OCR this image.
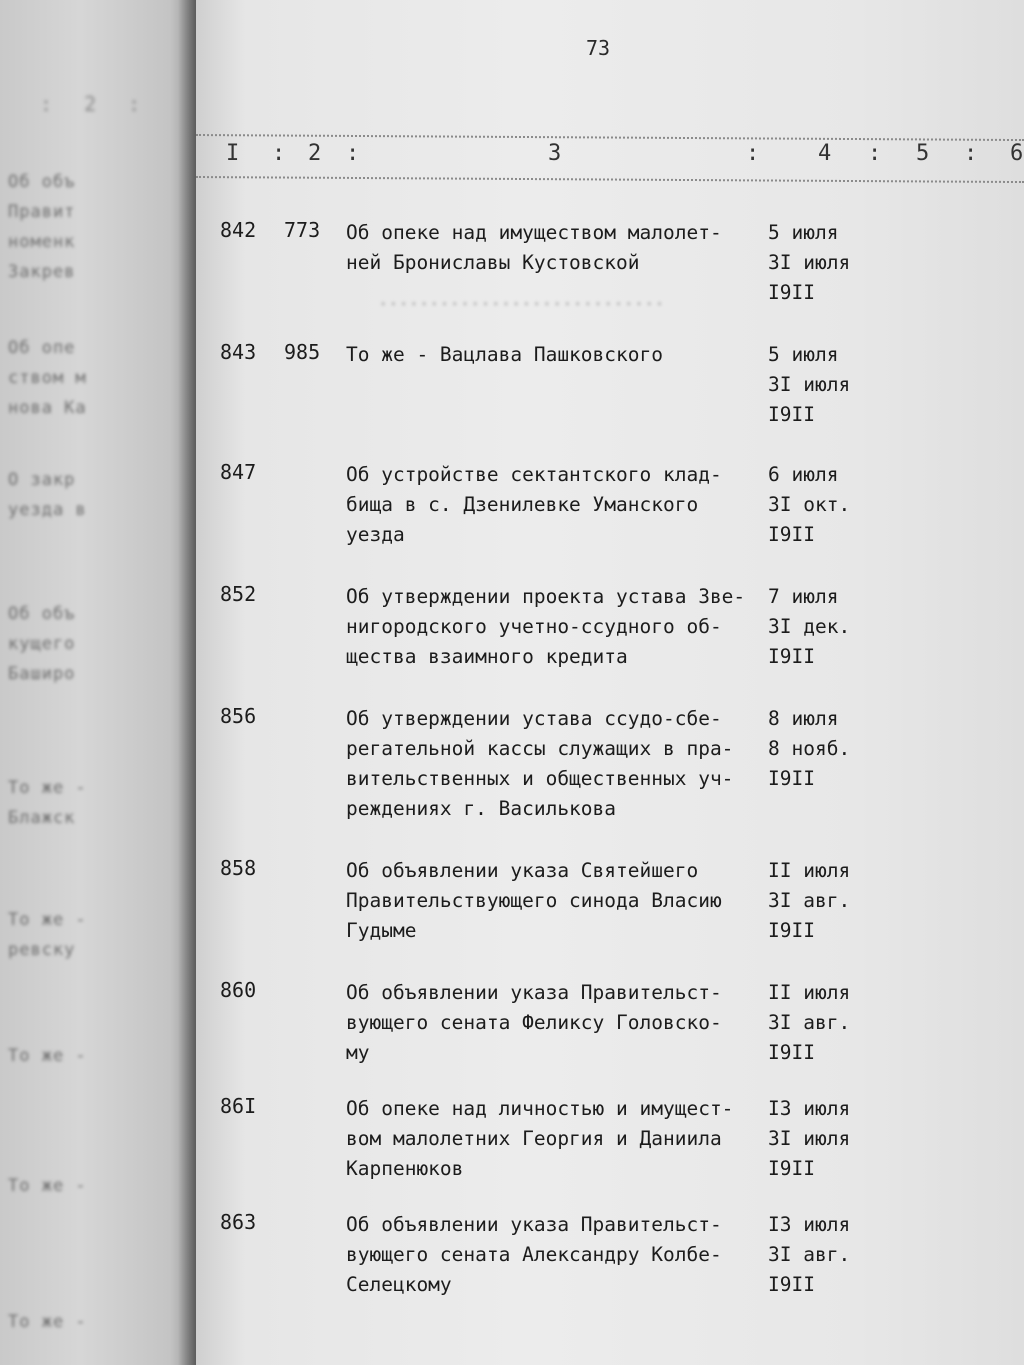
: 2 :
Об объ
Правит
номенк
Закрев
Об опе
ством м
нова Ка
О закр
уезда в
Об объ
кущего
Баширо
То же -
Блажск
То же -
ревску
То же -
То же -
То же -
73
I : 2 :	3	:	4 : 5 : 6
............................
842 773 Об опеке над имуществом малолет-
ней Брониславы Кустовской
5 июля
3I июля
I9II
843 985 То же - Вацлава Пашковского	5 июля
3I июля
I9II
847	Об устройстве сектантского клад-
бища в с. Дзенилевке Уманского
уезда
6 июля
3I окт.
I9II
852	Об утверждении проекта устава Зве-
нигородского учетно-ссудного об-
щества взаимного кредита
7 июля
3I дек.
I9II
856	Об утверждении устава ссудо-сбе-
регательной кассы служащих в пра-
вительственных и общественных уч-
реждениях г. Василькова
8 июля
8 нояб.
I9II
858	Об объявлении указа Святейшего
Правительствующего синода Власию
Гудыме
II июля
3I авг.
I9II
860	Об объявлении указа Правительст-
вующего сената Феликсу Головско-
му
II июля
3I авг.
I9II
86I	Об опеке над личностью и имущест-
вом малолетних Георгия и Даниила
Карпенюков
I3 июля
3I июля
I9II
863	Об объявлении указа Правительст-
вующего сената Александру Колбе-
Селецкому
I3 июля
3I авг.
I9II
